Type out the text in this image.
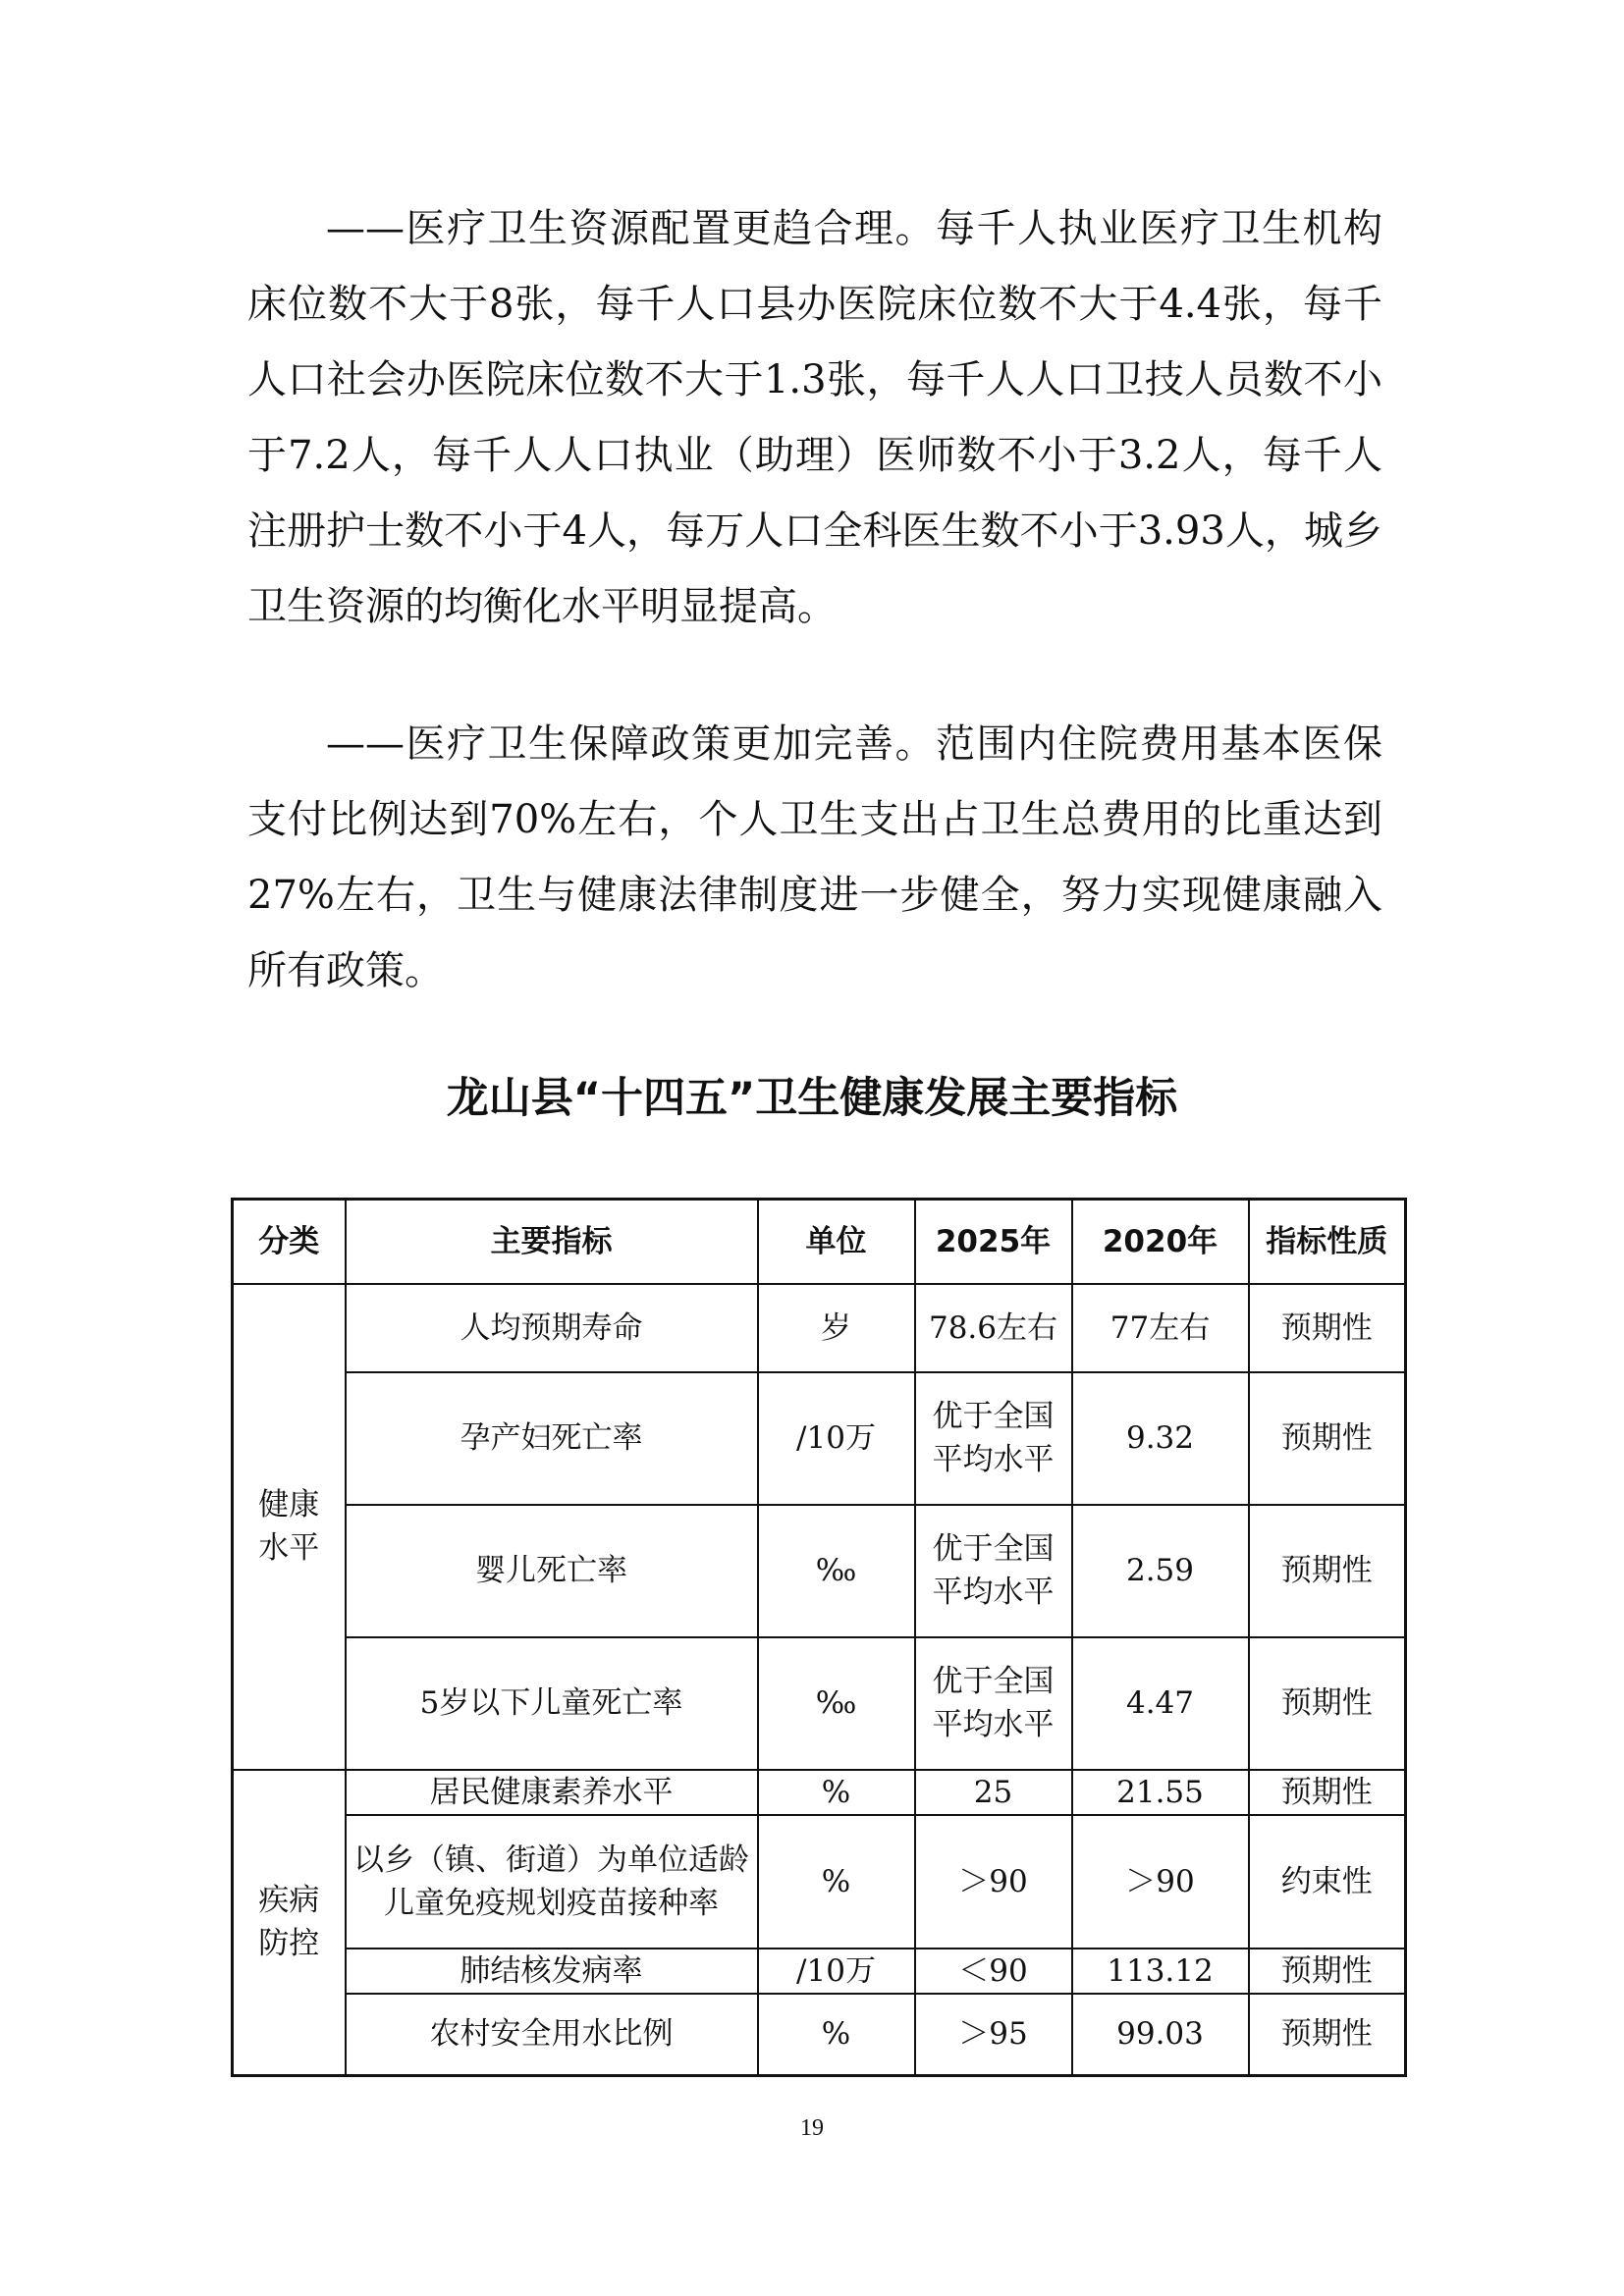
——医疗卫生资源配置更趋合理。每千人执业医疗卫生机构床位数不大于8张，每千人口县办医院床位数不大于4.4张，每千人口社会办医院床位数不大于1.3张，每千人人口卫技人员数不小于7.2人，每千人人口执业（助理）医师数不小于3.2人，每千人注册护士数不小于4人，每万人口全科医生数不小于3.93人，城乡卫生资源的均衡化水平明显提高。

——医疗卫生保障政策更加完善。范围内住院费用基本医保支付比例达到70%左右，个人卫生支出占卫生总费用的比重达到27%左右，卫生与健康法律制度进一步健全，努力实现健康融入所有政策。

龙山县“十四五”卫生健康发展主要指标
分类	主要指标	单位	2025年	2020年	指标性质
健康水平	人均预期寿命	岁	78.6左右	77左右	预期性
	孕产妇死亡率	/10万	优于全国平均水平	9.32	预期性
	婴儿死亡率	‰	优于全国平均水平	2.59	预期性
	5岁以下儿童死亡率	‰	优于全国平均水平	4.47	预期性
疾病防控	居民健康素养水平	%	25	21.55	预期性
	以乡（镇、街道）为单位适龄儿童免疫规划疫苗接种率	%	＞90	＞90	约束性
	肺结核发病率	/10万	＜90	113.12	预期性
	农村安全用水比例	%	＞95	99.03	预期性
19
